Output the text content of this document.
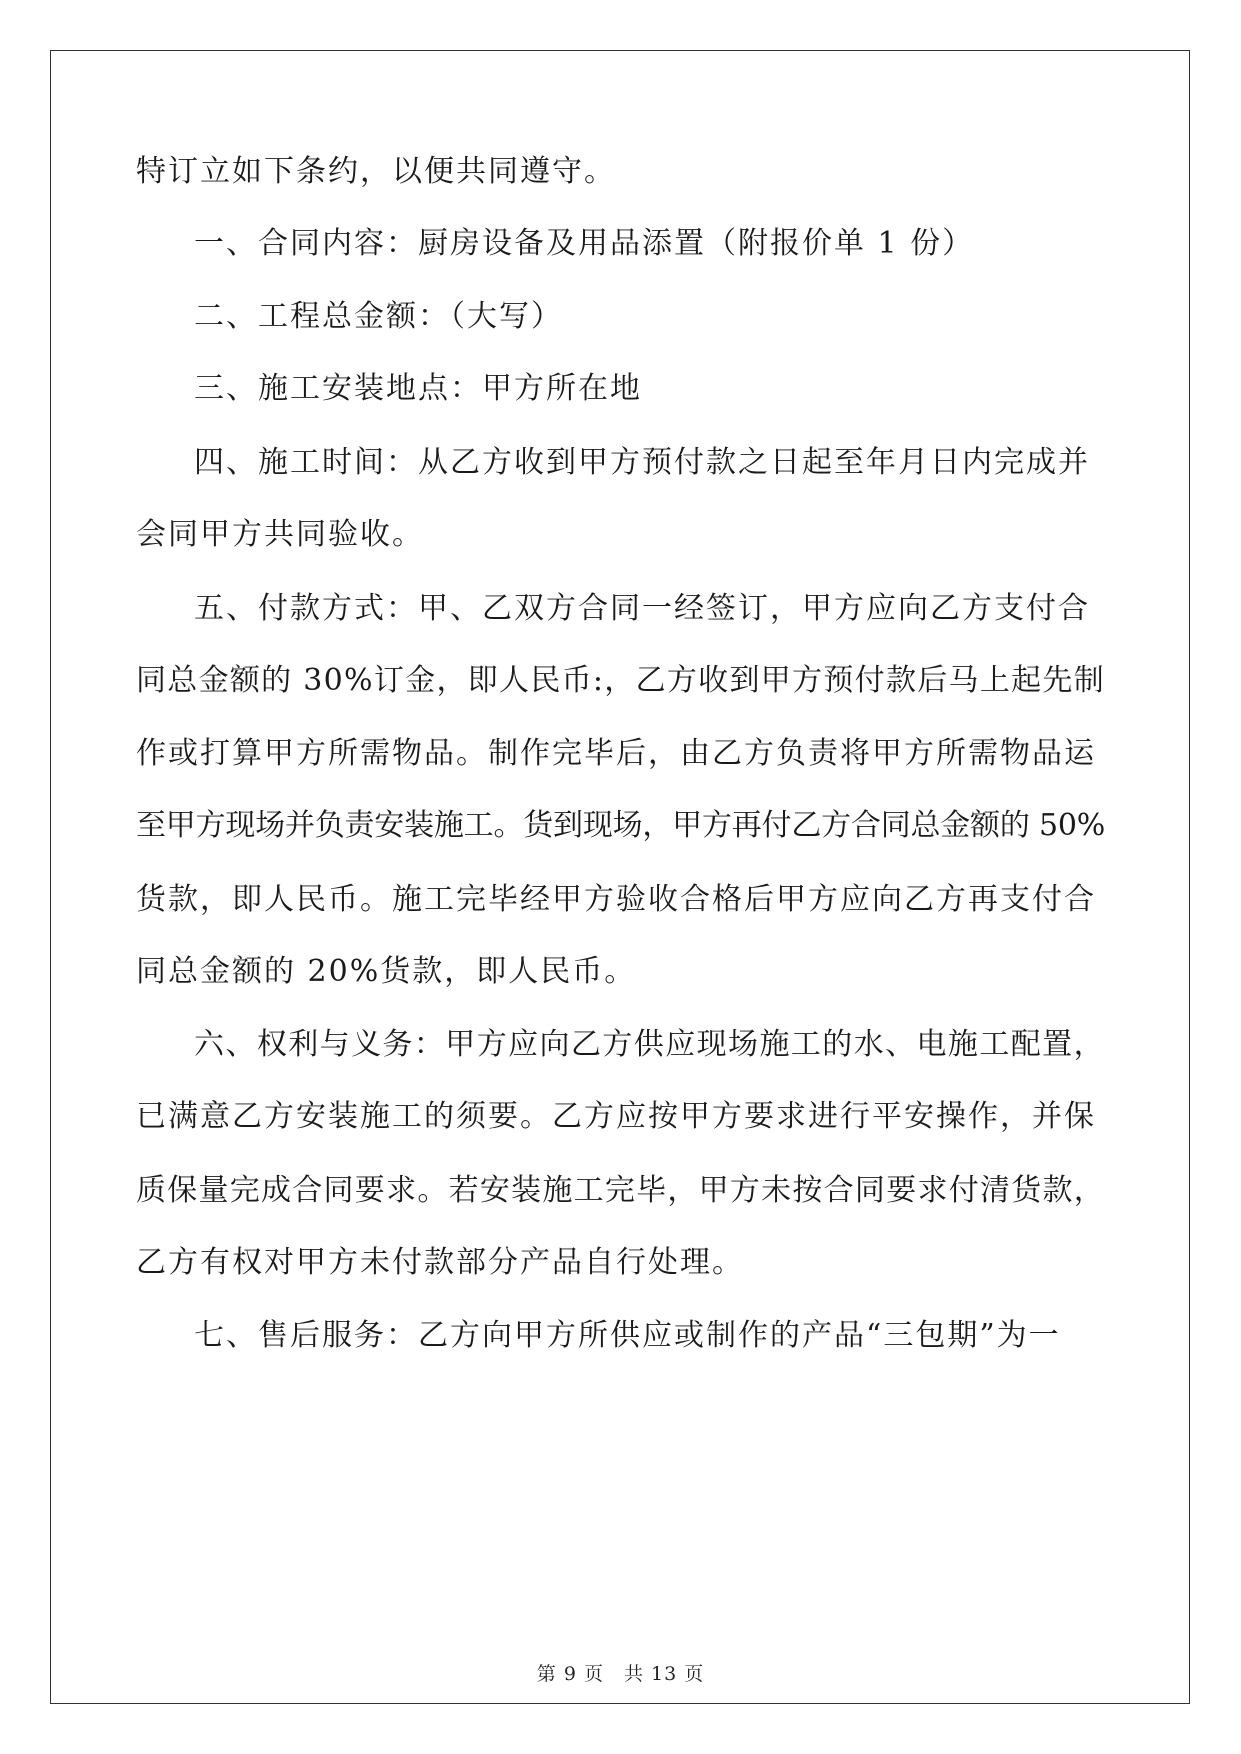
特订立如下条约，以便共同遵守。

一、合同内容：厨房设备及用品添置（附报价单 1 份）

二、工程总金额：（大写）

三、施工安装地点：甲方所在地

四、施工时间：从乙方收到甲方预付款之日起至年月日内完成并

会同甲方共同验收。

五、付款方式：甲、乙双方合同一经签订，甲方应向乙方支付合

同总金额的 30%订金，即人民币:，乙方收到甲方预付款后马上起先制

作或打算甲方所需物品。制作完毕后，由乙方负责将甲方所需物品运

至甲方现场并负责安装施工。货到现场，甲方再付乙方合同总金额的 50%

货款，即人民币。施工完毕经甲方验收合格后甲方应向乙方再支付合

同总金额的 20%货款，即人民币。

六、权利与义务：甲方应向乙方供应现场施工的水、电施工配置，

已满意乙方安装施工的须要。乙方应按甲方要求进行平安操作，并保

质保量完成合同要求。若安装施工完毕，甲方未按合同要求付清货款，

乙方有权对甲方未付款部分产品自行处理。

七、售后服务：乙方向甲方所供应或制作的产品“三包期”为一

第 9 页　共 13 页
